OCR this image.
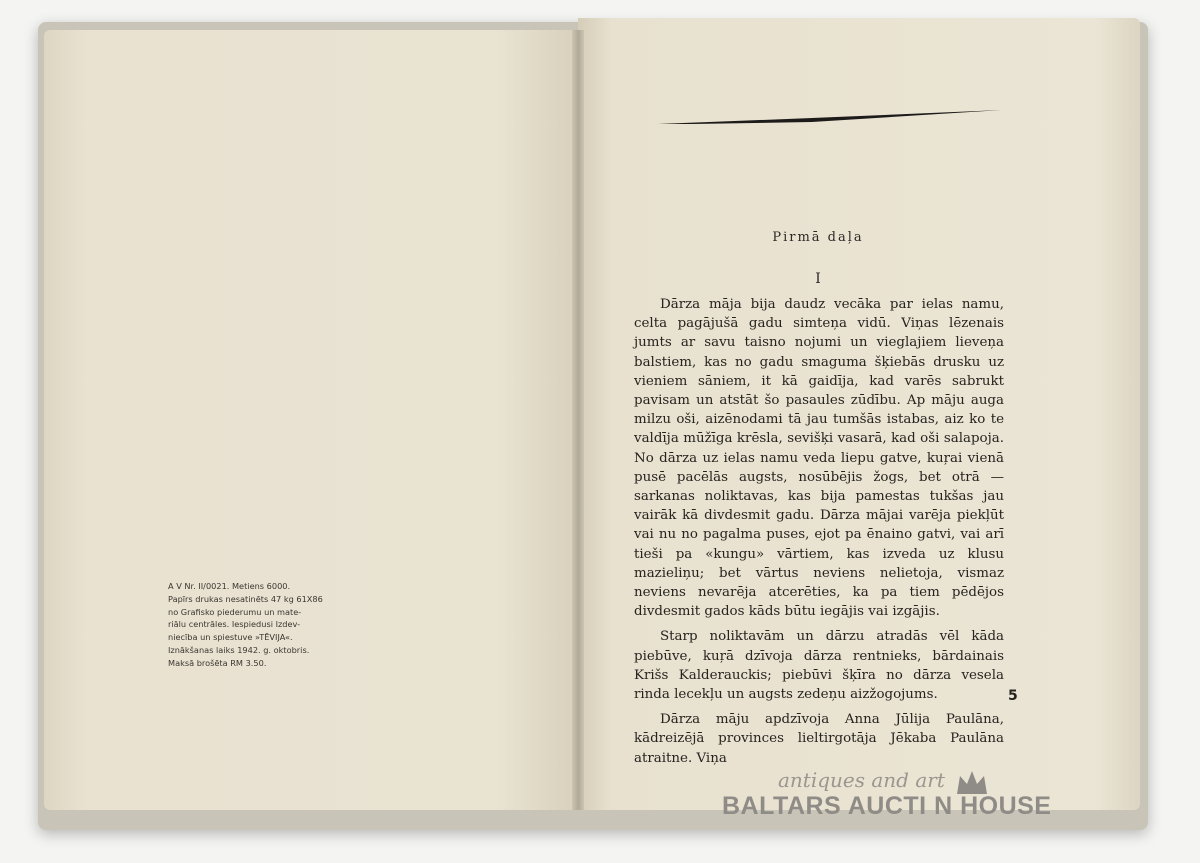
A V Nr. II/0021. Metiens 6000.
Papīrs drukas nesatinēts 47 kg 61X86
no Grafisko piederumu un mate-
riālu centrāles. Iespiedusi Izdev-
niecība un spiestuve »TĒVIJA«.
Iznākšanas laiks 1942. g. oktobris.
Maksā brošēta RM 3.50.
Pirmā daļa
I

Dārza māja bija daudz vecāka par ielas namu, celta pagājušā gadu simteņa vidū. Viņas lēzenais jumts ar savu taisno nojumi un vieglajiem lieveņa balstiem, kas no gadu smaguma šķiebās drusku uz vieniem sāniem, it kā gaidīja, kad varēs sabrukt pavisam un atstāt šo pasaules zūdību. Ap māju auga milzu oši, aizēnodami tā jau tumšās istabas, aiz ko te valdīja mūžīga krēsla, sevišķi vasarā, kad oši salapoja. No dārza uz ielas namu veda liepu gatve, kuŗai vienā pusē pacēlās augsts, nosūbējis žogs, bet otrā — sarkanas noliktavas, kas bija pamestas tukšas jau vairāk kā divdesmit gadu. Dārza mājai varēja piekļūt vai nu no pagalma puses, ejot pa ēnaino gatvi, vai arī tieši pa «kungu» vārtiem, kas izveda uz klusu mazieliņu; bet vārtus neviens nelietoja, vismaz neviens nevarēja atcerēties, ka pa tiem pēdējos divdesmit gados kāds būtu iegājis vai izgājis.

Starp noliktavām un dārzu atradās vēl kāda piebūve, kuŗā dzīvoja dārza rentnieks, bārdainais Krišs Kalderauckis; piebūvi šķīra no dārza vesela rinda lecekļu un augsts zedeņu aizžogojums.

Dārza māju apdzīvoja Anna Jūlija Paulāna, kādreizējā provinces lieltirgotāja Jēkaba Paulāna atraitne. Viņa

5
antiques and art
BALTARS AUCTI N HOUSE
